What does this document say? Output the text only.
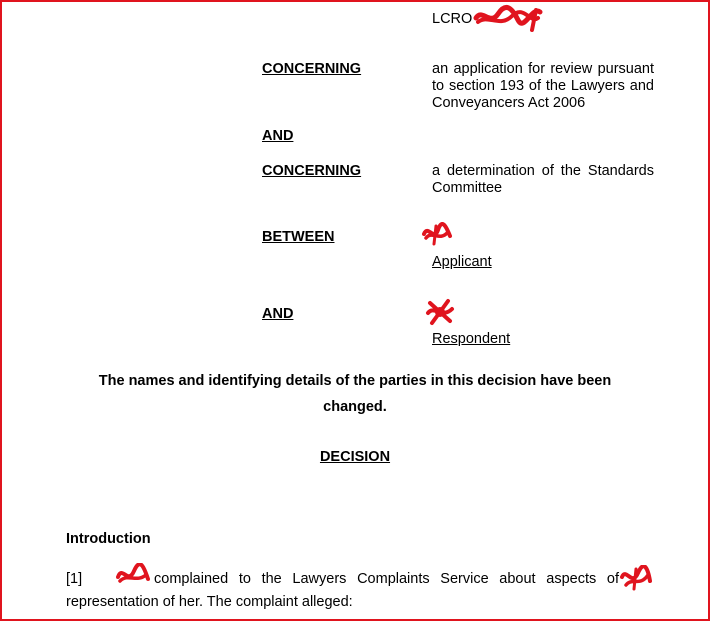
LCRO
CONCERNING	an application for review pursuant
to section 193 of the Lawyers and
Conveyancers Act 2006
AND
CONCERNING	a determination of the Standards
Committee
BETWEEN
Applicant
AND
Respondent
The names and identifying details of the parties in this decision have been
changed.
DECISION
Introduction
[1]	complained to the Lawyers Complaints Service about aspects of
representation of her. The complaint alleged:
